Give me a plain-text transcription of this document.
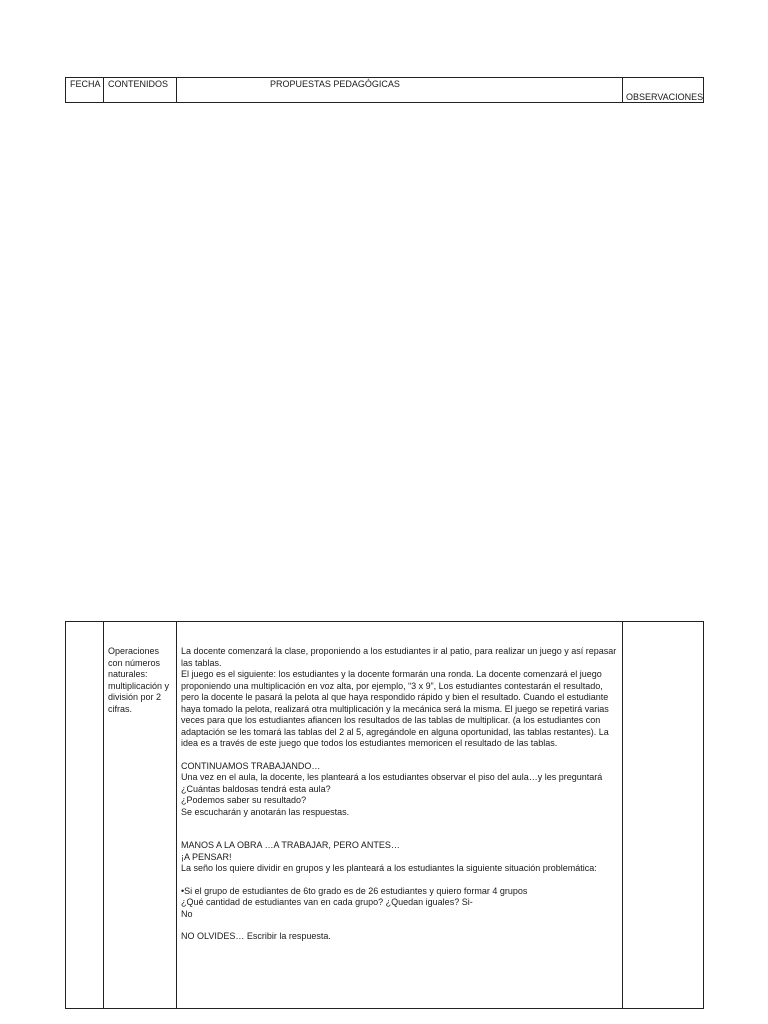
FECHA CONTENIDOS	PROPUESTAS PEDAGÓGICAS
OBSERVACIONES
Operaciones con números naturales: multiplicación y división por 2 cifras.

La docente comenzará la clase, proponiendo a los estudiantes ir al patio, para realizar un juego y así repasar las tablas.

El juego es el siguiente: los estudiantes y la docente formarán una ronda. La docente comenzará el juego proponiendo una multiplicación en voz alta, por ejemplo, “3 x 9”, Los estudiantes contestarán el resultado, pero la docente le pasará la pelota al que haya respondido rápido y bien el resultado. Cuando el estudiante haya tomado la pelota, realizará otra multiplicación y la mecánica será la misma. El juego se repetirá varias veces para que los estudiantes afiancen los resultados de las tablas de multiplicar. (a los estudiantes con adaptación se les tomará las tablas del 2 al 5, agregándole en alguna oportunidad, las tablas restantes). La idea es a través de este juego que todos los estudiantes memoricen el resultado de las tablas.

CONTINUAMOS TRABAJANDO…

Una vez en el aula, la docente, les planteará a los estudiantes observar el piso del aula…y les preguntará

¿Cuántas baldosas tendrá esta aula?

¿Podemos saber su resultado?

Se escucharán y anotarán las respuestas.

MANOS A LA OBRA …A TRABAJAR, PERO ANTES…

¡A PENSAR!

La seño los quiere dividir en grupos y les planteará a los estudiantes la siguiente situación problemática:

•Si el grupo de estudiantes de 6to grado es de 26 estudiantes y quiero formar 4 grupos

¿Qué cantidad de estudiantes van en cada grupo? ¿Quedan iguales? Si-

No

NO OLVIDES… Escribir la respuesta.
